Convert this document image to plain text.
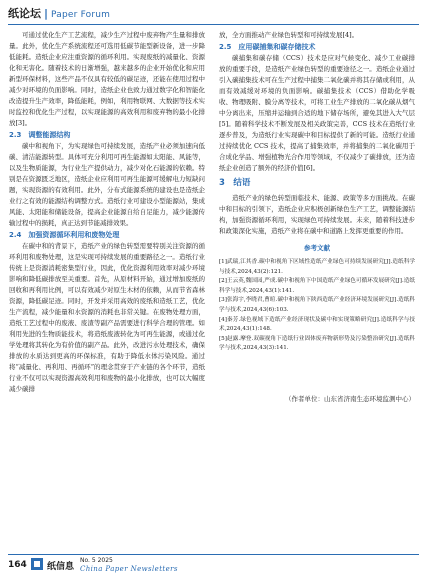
纸论坛 | Paper Forum
可通过优化生产工艺流程，减少生产过程中废弃物产生量和排放量。此外，优化生产系统流程还可选用低碳节能型新设备，进一步降低能耗。造纸企业应注重资源的循环利用。实现废纸的减量化、资源化和无害化。随着技术的日渐增强，越来越多的企业开始优化和应用新型环保材料，这些产品不仅具有较低的碳足迹，还能在使用过程中减少对环境的负面影响。同时，造纸企业也致力通过数字化和智能化改造提升生产效率，降低能耗，例如，利用物联网、大数据等技术实时监控和优化生产过程，以实现能源的高效利用和废弃物的最小化排放[3]。
2.3　调整能源结构
碳中和视角下，为实现绿色可持续发展，造纸产业必须加速向低碳、清洁能源转型。具体可充分利用可再生能源如太阳能、风能等，以及生物质能源，为行业生产提供动力，减少对化石能源的依赖。特别是在资源匮乏地区，造纸企业应利用可再生能源可缓解电力短缺问题，实现资源的有效利用。此外，分布式能源系统的建设也是造纸企业行之有效的能源结构调整方式。造纸行业可建设小型能源站，集成风能、太阳能和储能设备，提高企业能源自给自足能力，减少能源传输过程中的损耗，真正达到节能减排效果。
2.4　加强资源循环利用和废物处理
在碳中和的背景下，造纸产业的绿色转型需要特别关注资源的循环利用和废物处理，这是实现可持续发展的重要路径之一。造纸行业传统上是资源消耗密集型行业，因此，优化资源利用效率对减少环境影响和降低碳排放至关重要。首先，从原材料开始，通过增加废纸的回收和再利用比例，可以有效减少对原生木材的依赖，从而节省森林资源，降低碳足迹。同时，开发并采用高效的废纸和造纸工艺，优化生产流程，减少能量和水资源的消耗也非常关键。在废物处理方面，造纸工艺过程中的废液、废渣等副产品需要进行科学合理的管理。如利用先进的生物质能技术，将造纸废液转化为可再生能源，或通过化学处理将其转化为有价值的副产品。此外，改进污水处理技术，确保排放的水质达到更高的环保标准，有助于降低水体污染风险。通过将“减量化、再利用、再循环”的理念贯穿于产业链的各个环节，造纸行业不仅可以实现资源高效利用和废物的最小化排放，也可以大幅度减少碳排
放，全方面推动产业绿色转型和可持续发展[4]。
2.5　应用碳捕集和碳存储技术
碳捕集和碳存储（CCS）技术是应对气候变化、减少工业碳排放的重要手段，是造纸产业绿色转型的重要途径之一。造纸企业通过引入碳捕集技术可在生产过程中捕集二氧化碳并将其存储或利用，从而有效减缓对环境的负面影响。碳捕集技术（CCS）借助化学吸收、物理吸附、膜分离等技术，可将工业生产排放的二氧化碳从烟气中分离出来，压缩并运输到合适的地下储存场所，避免其进入大气层[5]。随着科学技术不断发展及相关政策完善，CCS 技术在造纸行业逐步普及，为造纸行业实现碳中和目标提供了新的可能。造纸行业通过持续优化 CCS 技术，提高了捕集效率，并将捕集的二氧化碳用于合成化学品、增强植物光合作用等领域，不仅减少了碳排放，还为造纸企业创造了额外的经济价值[6]。
3　结语
造纸产业的绿色转型面临技术、能源、政策等多方面挑战。在碳中和目标的引领下，造纸企业应积极创新绿色生产工艺，调整能源结构，加强资源循环利用，实现绿色可持续发展。未来，随着科技进步和政策深化实施，造纸产业将在碳中和道路上发挥更重要的作用。
参考文献
[1]武瑞,江其香.碳中和视角下区域性造纸产业绿色可持续发展研究[J].造纸科学与技术,2024,43(2):121.
[2]王云英,魏国园,严成.碳中和视角下中国造纸产业绿色可循环发展研究[J].造纸科学与技术,2024,43(1):141.
[3]张海宇,李晓君,曹暄.碳中和视角下陕西造纸产业经济环境发展研究[J].造纸科学与技术,2024,43(6):103.
[4]秦芳.绿色视域下造纸产业经济现状及碳中和实现策略研究[J].造纸科学与技术,2024,43(1):148.
[5]赵露.摩登.双碳视角下造纸行业固体废弃物新形势及污染整治研究[J].造纸科学与技术,2024,43(3):141.
（作者单位：山东省济南生态环境监测中心）
164 纸信息
No. 5 2025
China Paper Newsletters
